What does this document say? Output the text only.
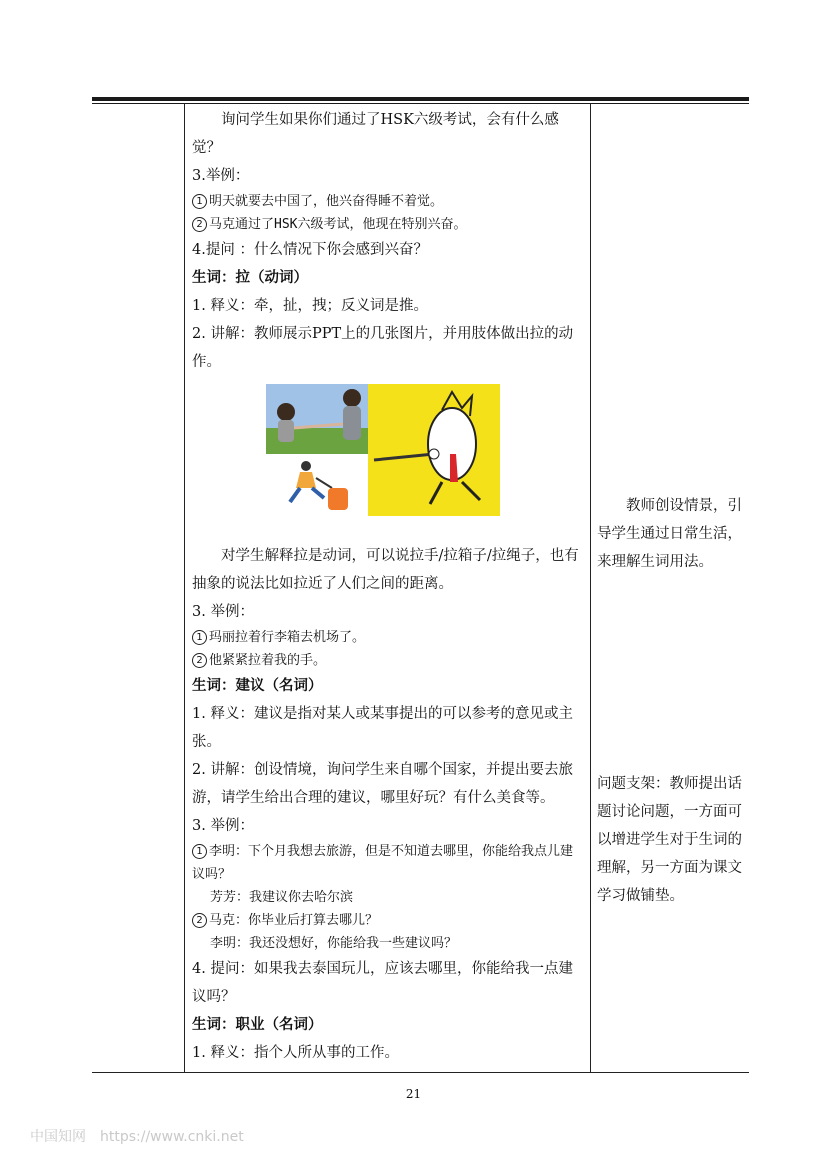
询问学生如果你们通过了HSK六级考试，会有什么感觉？

3.举例：

1 明天就要去中国了，他兴奋得睡不着觉。

2 马克通过了HSK六级考试，他现在特别兴奋。

4.提问 ：什么情况下你会感到兴奋？

生词：拉（动词）

1. 释义：牵，扯，拽；反义词是推。

2. 讲解：教师展示PPT上的几张图片，并用肢体做出拉的动作。

对学生解释拉是动词，可以说拉手/拉箱子/拉绳子，也有抽象的说法比如拉近了人们之间的距离。

3. 举例：

1 玛丽拉着行李箱去机场了。

2 他紧紧拉着我的手。

生词：建议（名词）

1. 释义：建议是指对某人或某事提出的可以参考的意见或主张。

2. 讲解：创设情境，询问学生来自哪个国家，并提出要去旅游，请学生给出合理的建议，哪里好玩？有什么美食等。

3. 举例：

1 李明：下个月我想去旅游，但是不知道去哪里，你能给我点儿建议吗？

芳芳：我建议你去哈尔滨

2 马克：你毕业后打算去哪儿？

李明：我还没想好，你能给我一些建议吗？

4. 提问：如果我去泰国玩儿，应该去哪里，你能给我一点建议吗？

生词：职业（名词）

1. 释义：指个人所从事的工作。

教师创设情景，引导学生通过日常生活，来理解生词用法。

问题支架：教师提出话题讨论问题，一方面可以增进学生对于生词的理解，另一方面为课文学习做铺垫。

21
中国知网　https://www.cnki.net
